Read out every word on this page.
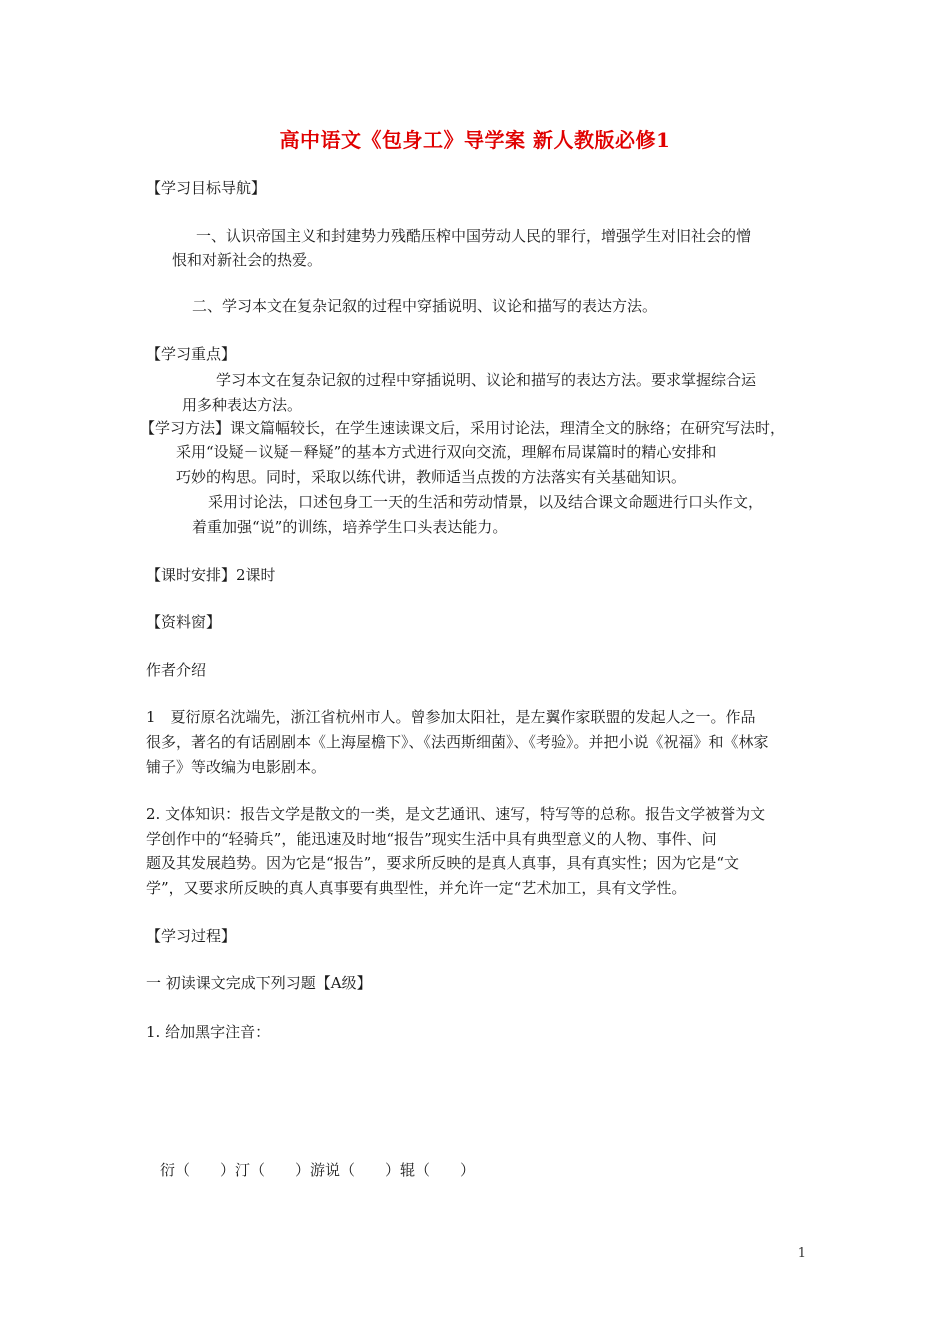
高中语文《包身工》导学案 新人教版必修1
【学习目标导航】
一、认识帝国主义和封建势力残酷压榨中国劳动人民的罪行，增强学生对旧社会的憎
恨和对新社会的热爱。
二、学习本文在复杂记叙的过程中穿插说明、议论和描写的表达方法。
【学习重点】
学习本文在复杂记叙的过程中穿插说明、议论和描写的表达方法。要求掌握综合运
用多种表达方法。
【学习方法】课文篇幅较长，在学生速读课文后，采用讨论法，理清全文的脉络；在研究写法时，
采用“设疑－议疑－释疑”的基本方式进行双向交流，理解布局谋篇时的精心安排和
巧妙的构思。同时，采取以练代讲，教师适当点拨的方法落实有关基础知识。
采用讨论法，口述包身工一天的生活和劳动情景，以及结合课文命题进行口头作文，
着重加强“说”的训练，培养学生口头表达能力。
【课时安排】2课时
【资料窗】
作者介绍
1　夏衍原名沈端先，浙江省杭州市人。曾参加太阳社，是左翼作家联盟的发起人之一。作品
很多，著名的有话剧剧本《上海屋檐下》、《法西斯细菌》、《考验》。并把小说《祝福》和《林家
铺子》等改编为电影剧本。
2. 文体知识：报告文学是散文的一类，是文艺通讯、速写，特写等的总称。报告文学被誉为文
学创作中的“轻骑兵”，能迅速及时地“报告”现实生活中具有典型意义的人物、事件、问
题及其发展趋势。因为它是“报告”，要求所反映的是真人真事，具有真实性；因为它是“文
学”，又要求所反映的真人真事要有典型性，并允许一定“艺术加工，具有文学性。
【学习过程】
一 初读课文完成下列习题【A级】
1. 给加黑字注音：
衍（　　）汀（　　）游说（　　）辊（　　）
1
